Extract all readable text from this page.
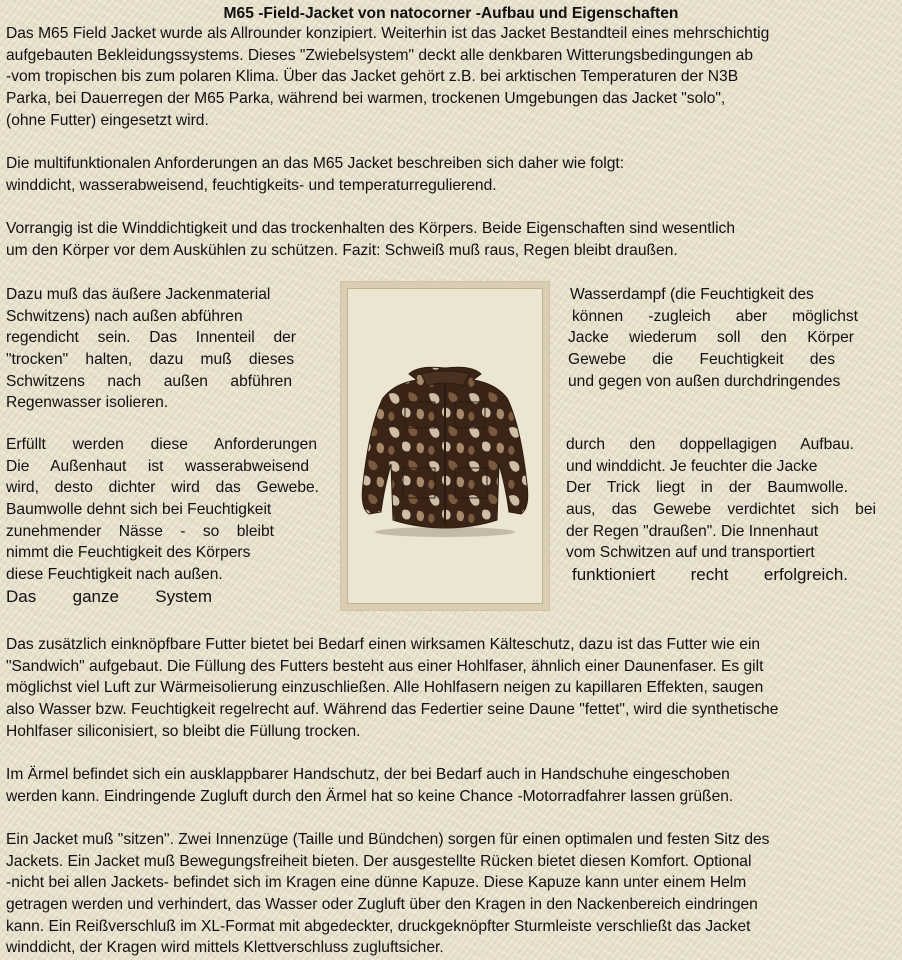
M65 -Field-Jacket von natocorner -Aufbau und Eigenschaften
Das M65 Field Jacket wurde als Allrounder konzipiert. Weiterhin ist das Jacket Bestandteil eines mehrschichtig
aufgebauten Bekleidungssystems. Dieses "Zwiebelsystem" deckt alle denkbaren Witterungsbedingungen ab
-vom tropischen bis zum polaren Klima. Über das Jacket gehört z.B. bei arktischen Temperaturen der N3B
Parka, bei Dauerregen der M65 Parka, während bei warmen, trockenen Umgebungen das Jacket "solo",
(ohne Futter) eingesetzt wird.
Die multifunktionalen Anforderungen an das M65 Jacket beschreiben sich daher wie folgt:
winddicht, wasserabweisend, feuchtigkeits- und temperaturregulierend.
Vorrangig ist die Winddichtigkeit und das trockenhalten des Körpers. Beide Eigenschaften sind wesentlich
um den Körper vor dem Auskühlen zu schützen. Fazit: Schweiß muß raus, Regen bleibt draußen.
Dazu muß das äußere Jackenmaterial
Schwitzens) nach außen abführen
regendicht sein. Das Innenteil der
"trocken" halten, dazu muß dieses
Schwitzens nach außen abführen
Regenwasser isolieren.
Wasserdampf (die Feuchtigkeit des
können -zugleich aber möglichst
Jacke wiederum soll den Körper
Gewebe die Feuchtigkeit des
und gegen von außen durchdringendes
Erfüllt werden diese Anforderungen
Die Außenhaut ist wasserabweisend
wird, desto dichter wird das Gewebe.
Baumwolle dehnt sich bei Feuchtigkeit
zunehmender Nässe - so bleibt
nimmt die Feuchtigkeit des Körpers
diese Feuchtigkeit nach außen.
Das ganze System
durch den doppellagigen Aufbau.
und winddicht. Je feuchter die Jacke
Der Trick liegt in der Baumwolle.
aus, das Gewebe verdichtet sich bei
der Regen "draußen". Die Innenhaut
vom Schwitzen auf und transportiert
funktioniert recht erfolgreich.
Das zusätzlich einknöpfbare Futter bietet bei Bedarf einen wirksamen Kälteschutz, dazu ist das Futter wie ein
"Sandwich" aufgebaut. Die Füllung des Futters besteht aus einer Hohlfaser, ähnlich einer Daunenfaser. Es gilt
möglichst viel Luft zur Wärmeisolierung einzuschließen. Alle Hohlfasern neigen zu kapillaren Effekten, saugen
also Wasser bzw. Feuchtigkeit regelrecht auf. Während das Federtier seine Daune "fettet", wird die synthetische
Hohlfaser siliconisiert, so bleibt die Füllung trocken.
Im Ärmel befindet sich ein ausklappbarer Handschutz, der bei Bedarf auch in Handschuhe eingeschoben
werden kann. Eindringende Zugluft durch den Ärmel hat so keine Chance -Motorradfahrer lassen grüßen.
Ein Jacket muß "sitzen". Zwei Innenzüge (Taille und Bündchen) sorgen für einen optimalen und festen Sitz des
Jackets. Ein Jacket muß Bewegungsfreiheit bieten. Der ausgestellte Rücken bietet diesen Komfort. Optional
-nicht bei allen Jackets- befindet sich im Kragen eine dünne Kapuze. Diese Kapuze kann unter einem Helm
getragen werden und verhindert, das Wasser oder Zugluft über den Kragen in den Nackenbereich eindringen
kann. Ein Reißverschluß im XL-Format mit abgedeckter, druckgeknöpfter Sturmleiste verschließt das Jacket
winddicht, der Kragen wird mittels Klettverschluss zugluftsicher.
